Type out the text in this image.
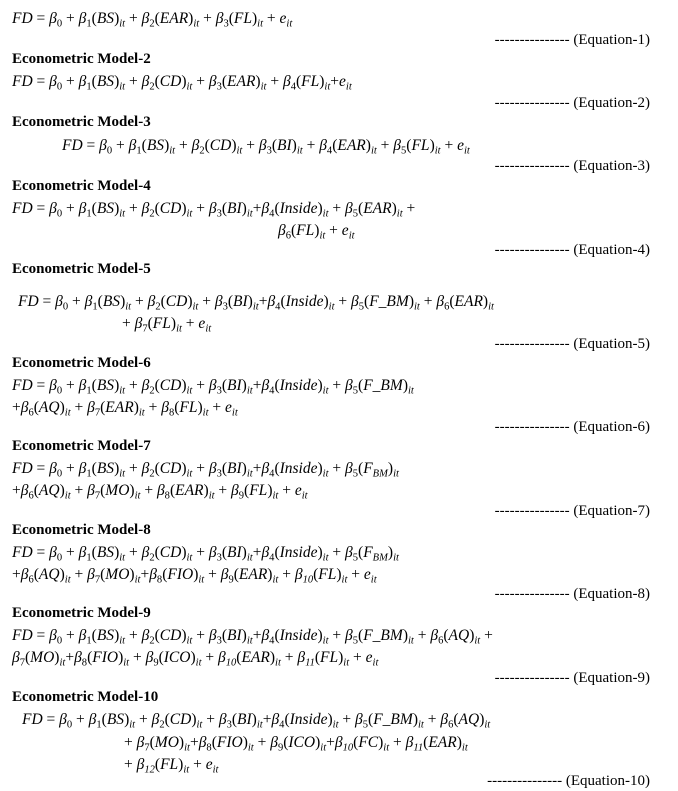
FD = $\beta_0 + \beta_1(BS)_{it} + \beta_2(EAR)_{it} + \beta_3(FL)_{it} + e_{it}$
--------------- (Equation-1)
Econometric Model-2
FD = $\beta_0 + \beta_1(BS)_{it} + \beta_2(CD)_{it} + \beta_3(EAR)_{it} + \beta_4(FL)_{it}+e_{it}$
--------------- (Equation-2)
Econometric Model-3
FD = $\beta_0 + \beta_1(BS)_{it} + \beta_2(CD)_{it} + \beta_3(BI)_{it} + \beta_4(EAR)_{it} + \beta_5(FL)_{it} + e_{it}$
--------------- (Equation-3)
Econometric Model-4
FD = $\beta_0 + \beta_1(BS)_{it} + \beta_2(CD)_{it}$ + $\beta_3(BI)_{it}+\beta_4(Inside)_{it} + \beta_5(EAR)_{it}$ +
$\beta_6(FL)_{it} + e_{it}$
--------------- (Equation-4)
Econometric Model-5
FD = $\beta_0 + \beta_1(BS)_{it} + \beta_2(CD)_{it}$ + $\beta_3(BI)_{it}+\beta_4(Inside)_{it}$ + $\beta_5(F\_BM)_{it} + \beta_6(EAR)_{it}$
+ $\beta_7(FL)_{it} + e_{it}$
--------------- (Equation-5)
Econometric Model-6
FD = $\beta_0 + \beta_1(BS)_{it} + \beta_2(CD)_{it}$ + $\beta_3(BI)_{it}+\beta_4(Inside)_{it}$ + $\beta_5(F\_BM)_{it}$
$+\beta_6(AQ)_{it} + \beta_7(EAR)_{it} + \beta_8(FL)_{it} + e_{it}$
--------------- (Equation-6)
Econometric Model-7
FD = $\beta_0 + \beta_1(BS)_{it} + \beta_2(CD)_{it}$ + $\beta_3(BI)_{it}+\beta_4(Inside)_{it} + \beta_5(F_{BM})_{it}$
$+\beta_6(AQ)_{it} + \beta_7(MO)_{it} + \beta_8(EAR)_{it} + \beta_9(FL)_{it} + e_{it}$
--------------- (Equation-7)
Econometric Model-8
FD = $\beta_0 + \beta_1(BS)_{it} + \beta_2(CD)_{it}$ + $\beta_3(BI)_{it}+\beta_4(Inside)_{it} + \beta_5(F_{BM})_{it}$
$+\beta_6(AQ)_{it} + \beta_7(MO)_{it}+\beta_8(FIO)_{it} + \beta_9(EAR)_{it} + \beta_{10}(FL)_{it} + e_{it}$
--------------- (Equation-8)
Econometric Model-9
FD = $\beta_0 + \beta_1(BS)_{it} + \beta_2(CD)_{it}$ + $\beta_3(BI)_{it}+\beta_4(Inside)_{it}$ + $\beta_5(F\_BM)_{it} + \beta_6(AQ)_{it}$ +
$\beta_7(MO)_{it}+\beta_8(FIO)_{it} + \beta_9(ICO)_{it} + \beta_{10}(EAR)_{it} + \beta_{11}(FL)_{it} + e_{it}$
--------------- (Equation-9)
Econometric Model-10
FD = $\beta_0 + \beta_1(BS)_{it} + \beta_2(CD)_{it}$ + $\beta_3(BI)_{it}+\beta_4(Inside)_{it}$ + $\beta_5(F\_BM)_{it} + \beta_6(AQ)_{it}$
+ $\beta_7(MO)_{it}+\beta_8(FIO)_{it} + \beta_9(ICO)_{it}+\beta_{10}(FC)_{it} + \beta_{11}(EAR)_{it}$
+ $\beta_{12}(FL)_{it} + e_{it}$
--------------- (Equation-10)
